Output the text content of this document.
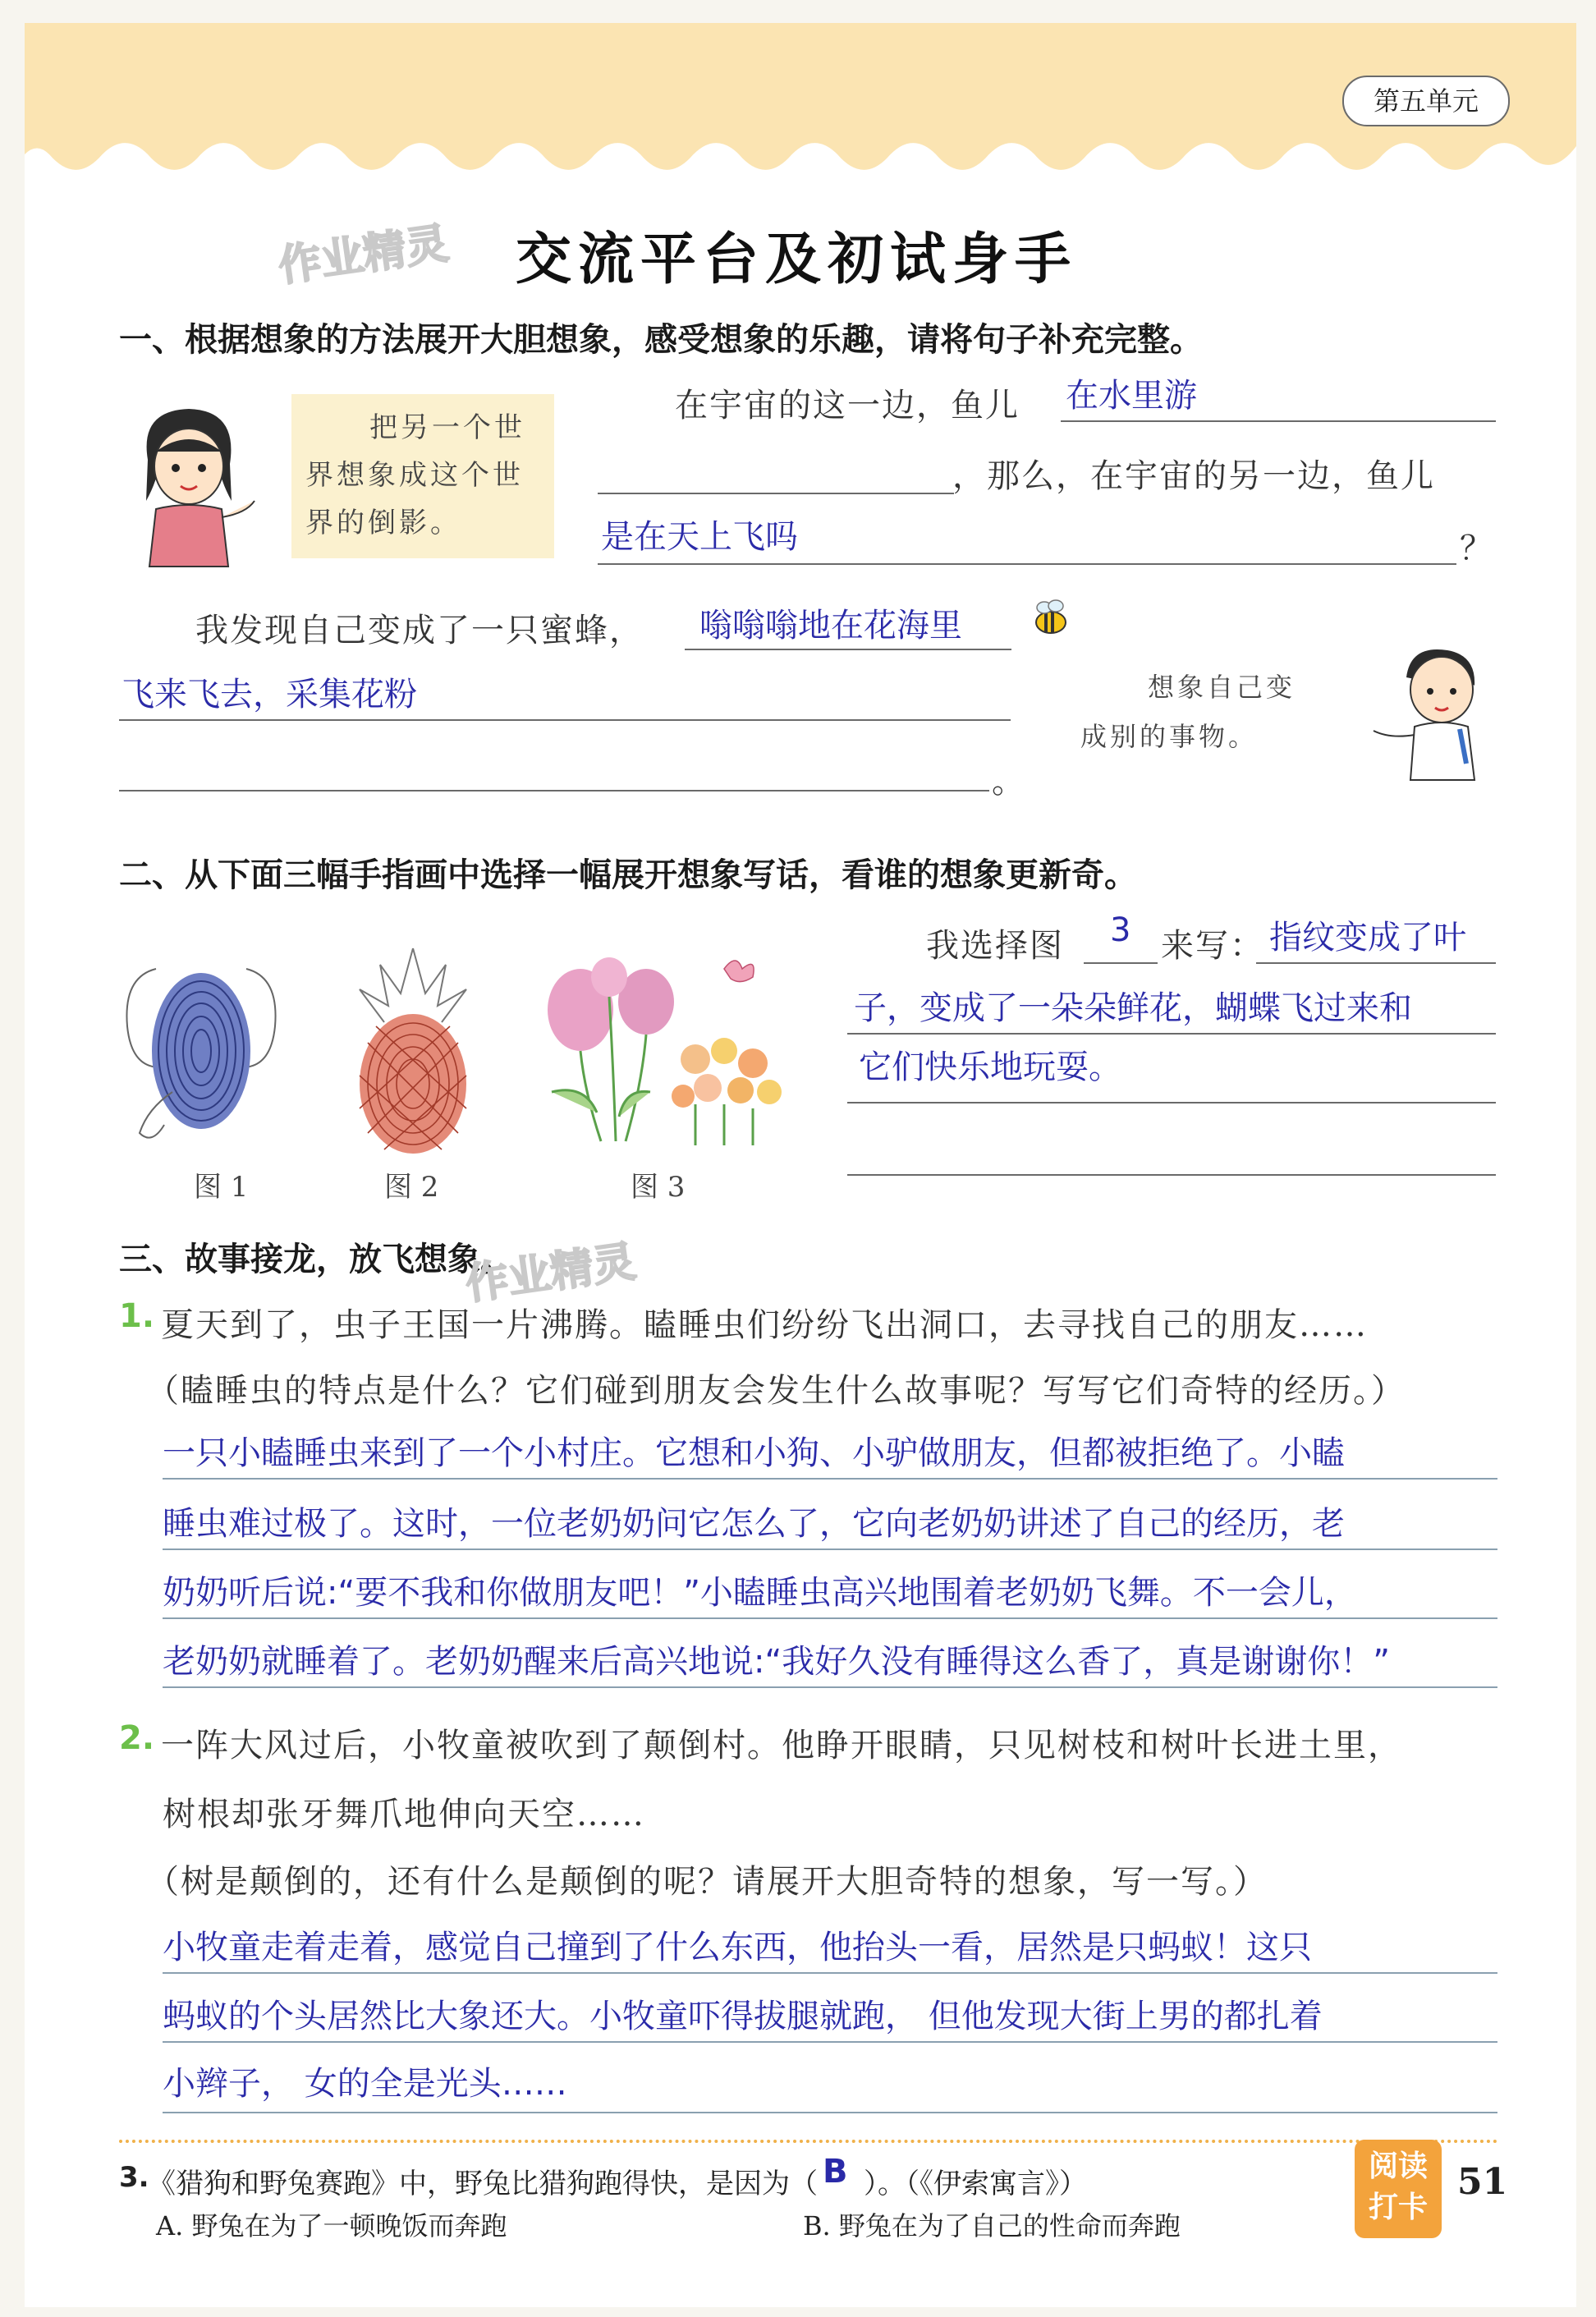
第五单元
作业精灵 交流平台及初试身手
一、根据想象的方法展开大胆想象，感受想象的乐趣，请将句子补充完整。
把另一个世
界想象成这个世
界的倒影。
在宇宙的这一边，鱼儿 在水里游
，那么，在宇宙的另一边，鱼儿
是在天上飞吗	？
我发现自己变成了一只蜜蜂， 嗡嗡嗡地在花海里
飞来飞去，采集花粉
。
想象自己变
成别的事物。
二、从下面三幅手指画中选择一幅展开想象写话，看谁的想象更新奇。
图 1	图 2	图 3
我选择图 3 来写： 指纹变成了叶
子，变成了一朵朵鲜花，蝴蝶飞过来和
它们快乐地玩耍。
三、故事接龙，放飞想象。
作业精灵
1. 夏天到了，虫子王国一片沸腾。瞌睡虫们纷纷飞出洞口，去寻找自己的朋友……
（瞌睡虫的特点是什么？它们碰到朋友会发生什么故事呢？写写它们奇特的经历。）
一只小瞌睡虫来到了一个小村庄。它想和小狗、小驴做朋友，但都被拒绝了。小瞌
睡虫难过极了。这时，一位老奶奶问它怎么了，它向老奶奶讲述了自己的经历，老
奶奶听后说:“要不我和你做朋友吧！”小瞌睡虫高兴地围着老奶奶飞舞。不一会儿，
老奶奶就睡着了。老奶奶醒来后高兴地说:“我好久没有睡得这么香了，真是谢谢你！”
2. 一阵大风过后，小牧童被吹到了颠倒村。他睁开眼睛，只见树枝和树叶长进土里，
树根却张牙舞爪地伸向天空……
（树是颠倒的，还有什么是颠倒的呢？请展开大胆奇特的想象，写一写。）
小牧童走着走着，感觉自己撞到了什么东西，他抬头一看，居然是只蚂蚁！这只
蚂蚁的个头居然比大象还大。小牧童吓得拔腿就跑， 但他发现大街上男的都扎着
小辫子， 女的全是光头……
3.
《猎狗和野兔赛跑》中，野兔比猎狗跑得快，是因为（ B ）。（《伊索寓言》）
A. 野兔在为了一顿晚饭而奔跑	B. 野兔在为了自己的性命而奔跑
阅读
打卡
51
